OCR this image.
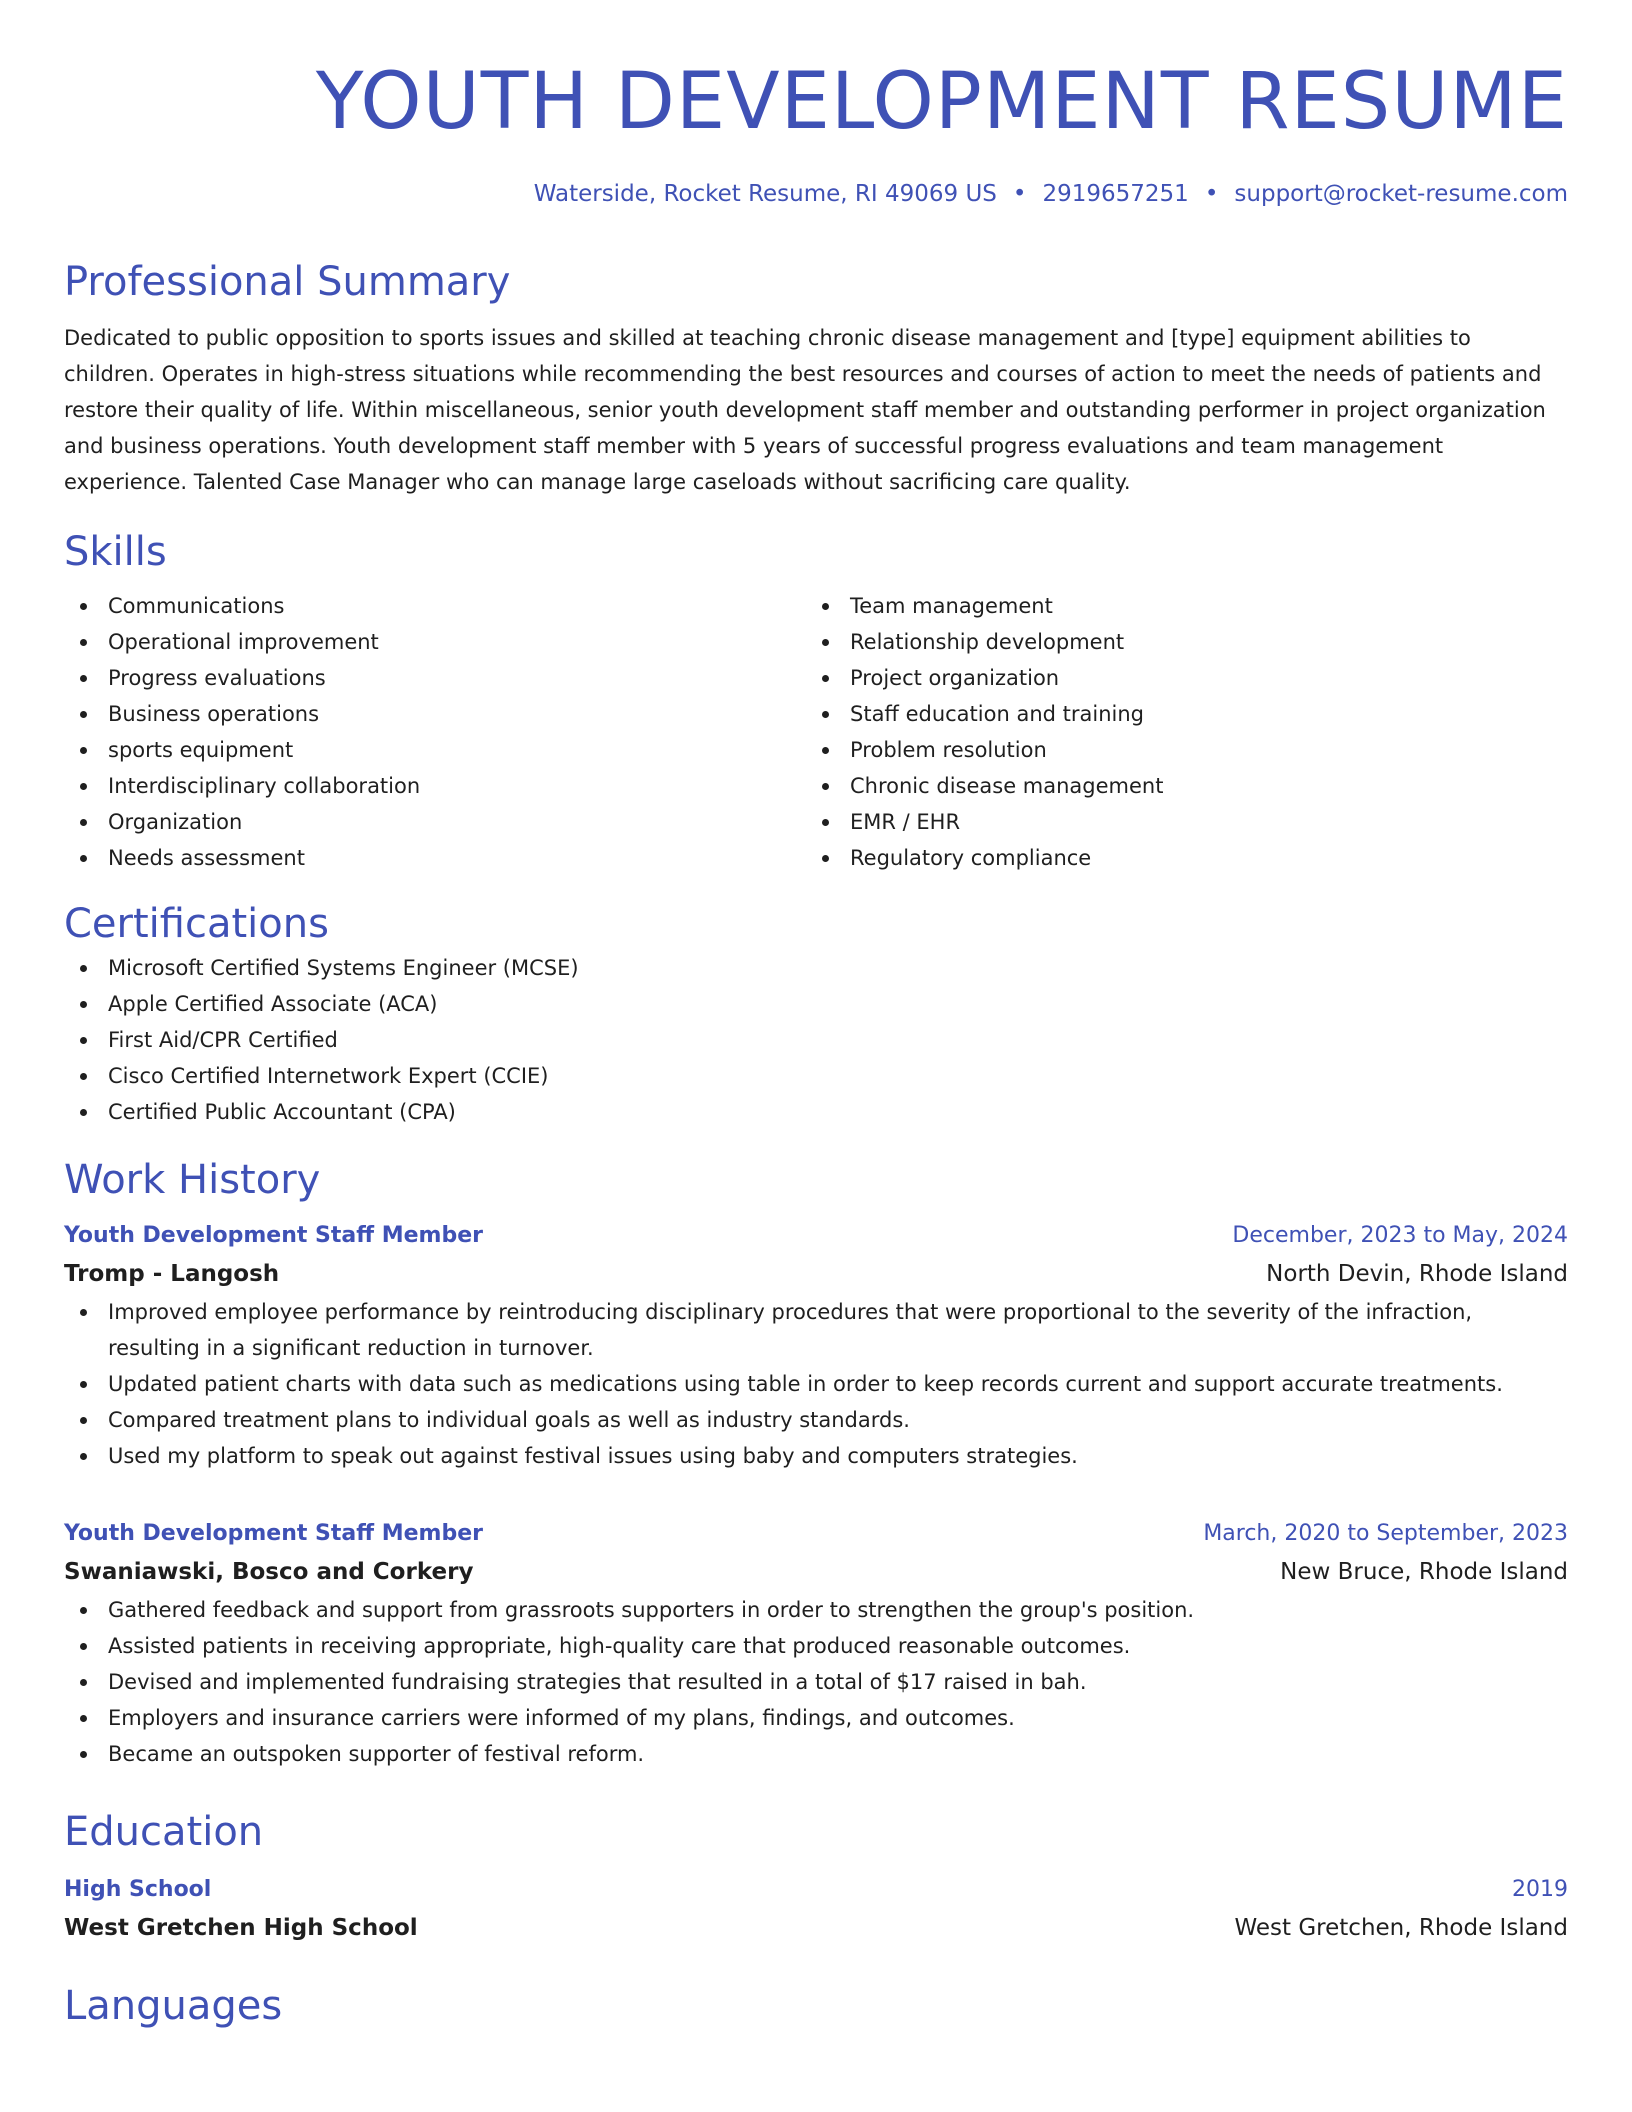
YOUTH DEVELOPMENT RESUME
Waterside, Rocket Resume, RI 49069 US • 2919657251 • support@rocket-resume.com
Professional Summary

Dedicated to public opposition to sports issues and skilled at teaching chronic disease management and [type] equipment abilities to children. Operates in high-stress situations while recommending the best resources and courses of action to meet the needs of patients and restore their quality of life. Within miscellaneous, senior youth development staff member and outstanding performer in project organization and business operations. Youth development staff member with 5 years of successful progress evaluations and team management experience. Talented Case Manager who can manage large caseloads without sacrificing care quality.

Skills
Communications
Operational improvement
Progress evaluations
Business operations
sports equipment
Interdisciplinary collaboration
Organization
Needs assessment
Team management
Relationship development
Project organization
Staff education and training
Problem resolution
Chronic disease management
EMR / EHR
Regulatory compliance
Certifications
Microsoft Certified Systems Engineer (MCSE)
Apple Certified Associate (ACA)
First Aid/CPR Certified
Cisco Certified Internetwork Expert (CCIE)
Certified Public Accountant (CPA)
Work History
Youth Development Staff Member	December, 2023 to May, 2024
Tromp - Langosh	North Devin, Rhode Island
Improved employee performance by reintroducing disciplinary procedures that were proportional to the severity of the infraction, resulting in a significant reduction in turnover.
Updated patient charts with data such as medications using table in order to keep records current and support accurate treatments.
Compared treatment plans to individual goals as well as industry standards.
Used my platform to speak out against festival issues using baby and computers strategies.
Youth Development Staff Member	March, 2020 to September, 2023
Swaniawski, Bosco and Corkery	New Bruce, Rhode Island
Gathered feedback and support from grassroots supporters in order to strengthen the group's position.
Assisted patients in receiving appropriate, high-quality care that produced reasonable outcomes.
Devised and implemented fundraising strategies that resulted in a total of $17 raised in bah.
Employers and insurance carriers were informed of my plans, findings, and outcomes.
Became an outspoken supporter of festival reform.
Education
High School	2019
West Gretchen High School	West Gretchen, Rhode Island
Languages
